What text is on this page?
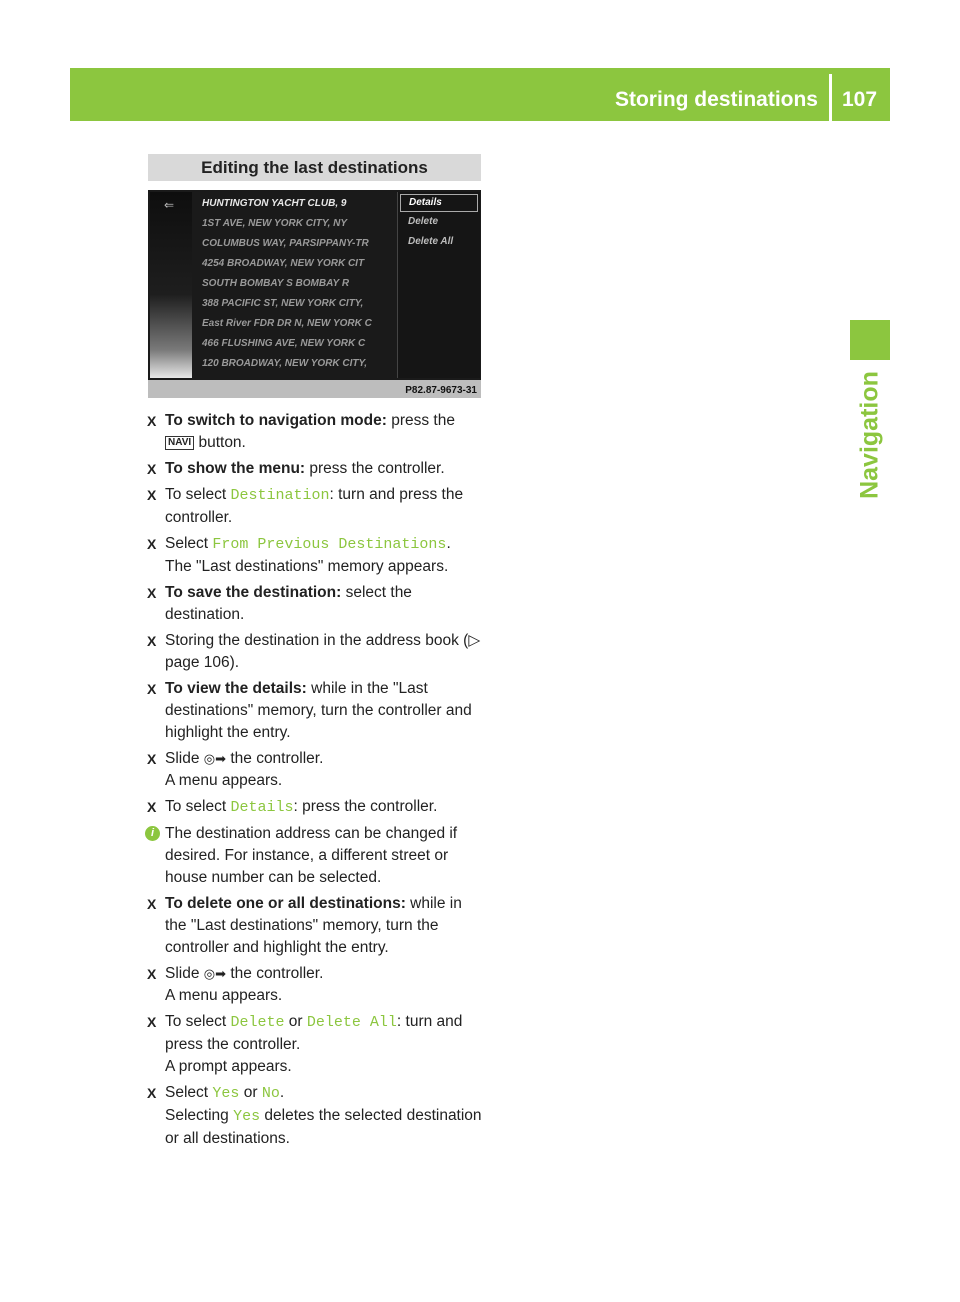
Storing destinations 107
Navigation
Editing the last destinations
⇐	HUNTINGTON YACHT CLUB, 9
1ST AVE, NEW YORK CITY, NY
COLUMBUS WAY, PARSIPPANY-TR
4254 BROADWAY, NEW YORK CIT
SOUTH BOMBAY S BOMBAY R
388 PACIFIC ST, NEW YORK CITY,
East River FDR DR N, NEW YORK C
466 FLUSHING AVE, NEW YORK C
120 BROADWAY, NEW YORK CITY,
Details
Delete
Delete All
P82.87-9673-31
X To switch to navigation mode: press the
NAVI button.
X To show the menu: press the controller.
X To select Destination: turn and press the controller.
X Select From Previous Destinations.
The "Last destinations" memory appears.
X To save the destination: select the destination.
X Storing the destination in the address book (▷ page 106).
X To view the details: while in the "Last destinations" memory, turn the controller and highlight the entry.
X Slide ◎➡ the controller.
A menu appears.
X To select Details: press the controller.
i The destination address can be changed if desired. For instance, a different street or house number can be selected.
X To delete one or all destinations: while in the "Last destinations" memory, turn the controller and highlight the entry.
X Slide ◎➡ the controller.
A menu appears.
X To select Delete or Delete All: turn and press the controller.
A prompt appears.
X Select Yes or No.
Selecting Yes deletes the selected destination or all destinations.
